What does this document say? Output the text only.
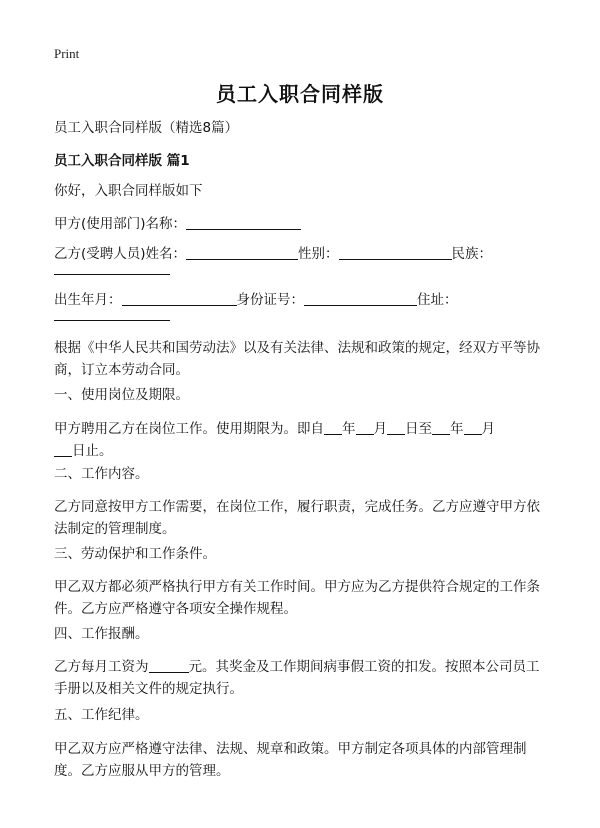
Print
员工入职合同样版
员工入职合同样版（精选8篇）
员工入职合同样版 篇1
你好，入职合同样版如下
甲方(使用部门)名称：
乙方(受聘人员)姓名：	性别：	民族：
出生年月：	身份证号：	住址：
根据《中华人民共和国劳动法》以及有关法律、法规和政策的规定，经双方平等协商，订立本劳动合同。
一、使用岗位及期限。
甲方聘用乙方在岗位工作。使用期限为。即自 年 月 日至 年 月
日止。
二、工作内容。
乙方同意按甲方工作需要，在岗位工作，履行职责，完成任务。乙方应遵守甲方依法制定的管理制度。
三、劳动保护和工作条件。
甲乙双方都必须严格执行甲方有关工作时间。甲方应为乙方提供符合规定的工作条件。乙方应严格遵守各项安全操作规程。
四、工作报酬。
乙方每月工资为	元。其奖金及工作期间病事假工资的扣发。按照本公司员工手册以及相关文件的规定执行。
五、工作纪律。
甲乙双方应严格遵守法律、法规、规章和政策。甲方制定各项具体的内部管理制度。乙方应服从甲方的管理。
